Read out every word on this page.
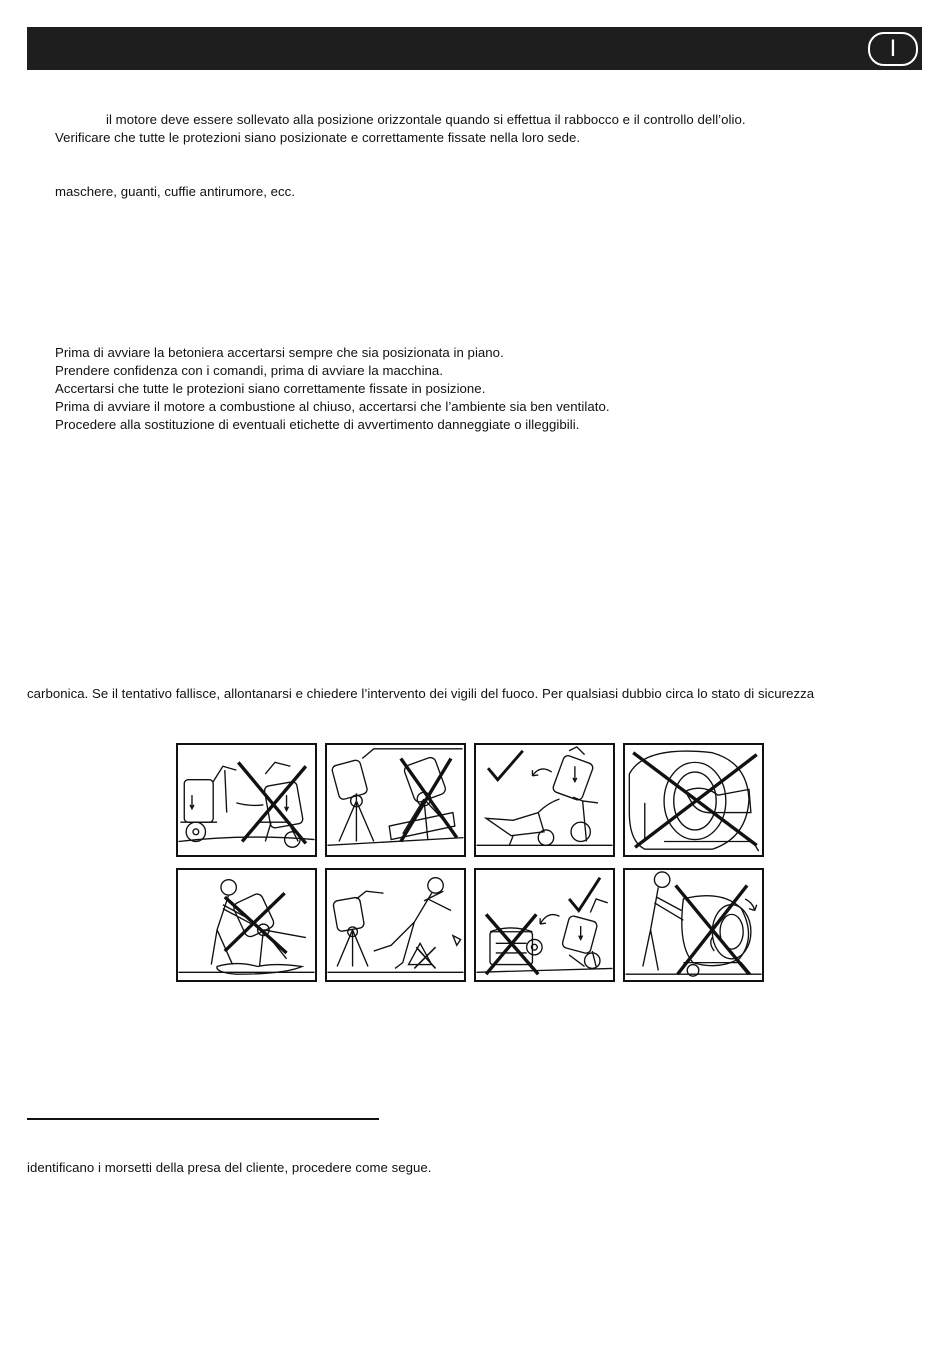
I
il motore deve essere sollevato alla posizione orizzontale quando si effettua il rabbocco e il controllo dell’olio.
Verificare che tutte le protezioni siano posizionate e correttamente fissate nella loro sede.
maschere, guanti, cuffie antirumore, ecc.
Prima di avviare la betoniera accertarsi sempre che sia posizionata in piano.
Prendere confidenza con i comandi, prima di avviare la macchina.
Accertarsi che tutte le protezioni siano correttamente fissate in posizione.
Prima di avviare il motore a combustione al chiuso, accertarsi che l’ambiente sia ben ventilato.
Procedere alla sostituzione di eventuali etichette di avvertimento danneggiate o illeggibili.
carbonica. Se il tentativo fallisce, allontanarsi e chiedere l’intervento dei vigili del fuoco. Per qualsiasi dubbio circa lo stato di sicurezza
identificano i morsetti della presa del cliente, procedere come segue.
